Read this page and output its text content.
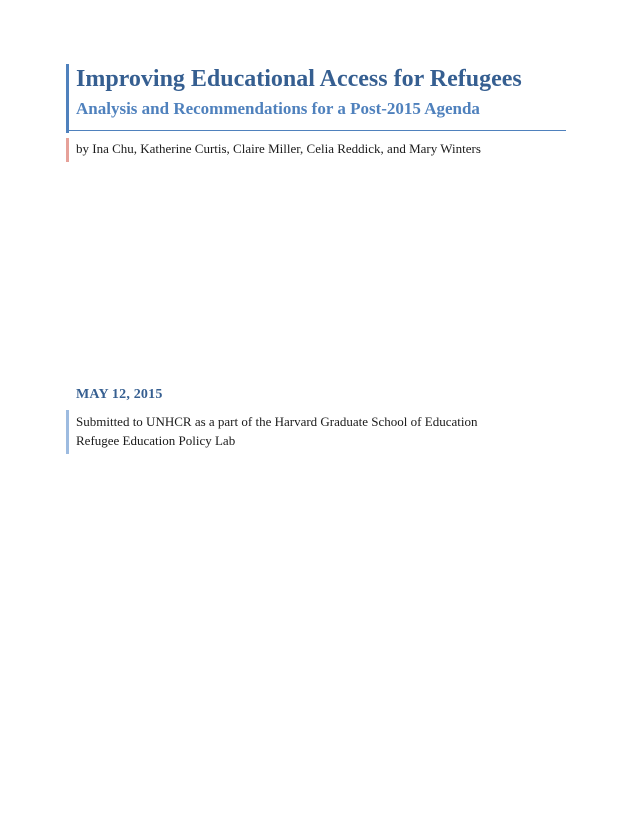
Improving Educational Access for Refugees
Analysis and Recommendations for a Post-2015 Agenda

by Ina Chu, Katherine Curtis, Claire Miller, Celia Reddick, and Mary Winters

MAY 12, 2015

Submitted to UNHCR as a part of the Harvard Graduate School of Education
Refugee Education Policy Lab
